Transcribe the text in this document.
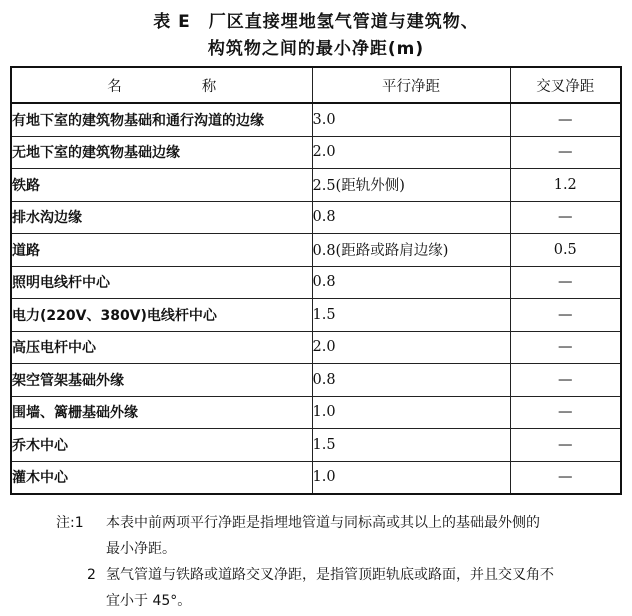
表 E　厂区直接埋地氢气管道与建筑物、
构筑物之间的最小净距(m)
名 称	平行净距	交叉净距
有地下室的建筑物基础和通行沟道的边缘	3.0	—
无地下室的建筑物基础边缘	2.0	—
铁路	2.5(距轨外侧)	1.2
排水沟边缘	0.8	—
道路	0.8(距路或路肩边缘)	0.5
照明电线杆中心	0.8	—
电力(220V、380V)电线杆中心	1.5	—
高压电杆中心	2.0	—
架空管架基础外缘	0.8	—
围墙、篱栅基础外缘	1.0	—
乔木中心	1.5	—
灌木中心	1.0	—
注:1 本表中前两项平行净距是指埋地管道与同标高或其以上的基础最外侧的
最小净距。
2 氢气管道与铁路或道路交叉净距，是指管顶距轨底或路面，并且交叉角不
宜小于 45°。
